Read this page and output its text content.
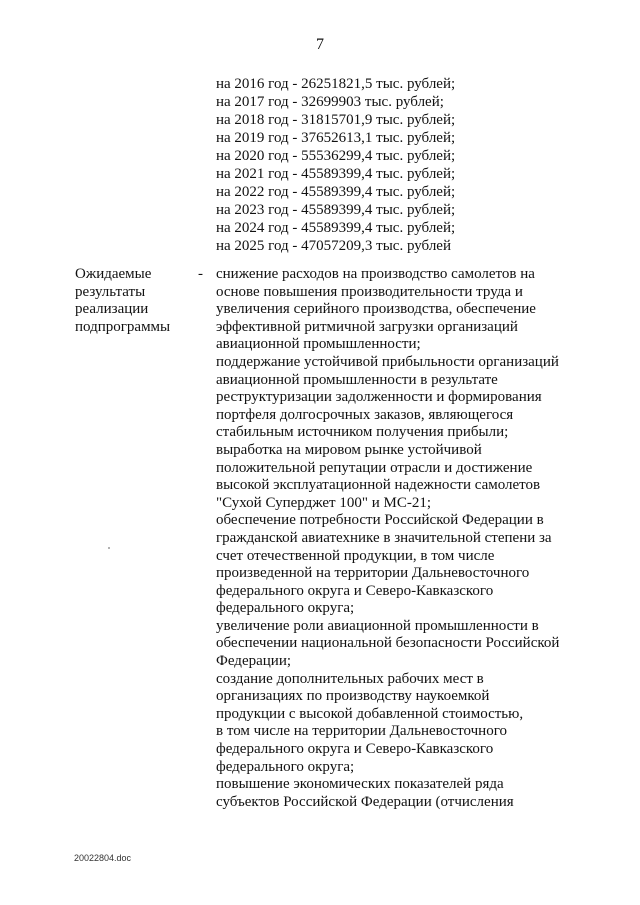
7
на 2016 год - 26251821,5 тыс. рублей;
на 2017 год - 32699903 тыс. рублей;
на 2018 год - 31815701,9 тыс. рублей;
на 2019 год - 37652613,1 тыс. рублей;
на 2020 год - 55536299,4 тыс. рублей;
на 2021 год - 45589399,4 тыс. рублей;
на 2022 год - 45589399,4 тыс. рублей;
на 2023 год - 45589399,4 тыс. рублей;
на 2024 год - 45589399,4 тыс. рублей;
на 2025 год - 47057209,3 тыс. рублей
Ожидаемые
результаты
реализации
подпрограммы
- снижение расходов на производство самолетов на
основе повышения производительности труда и
увеличения серийного производства, обеспечение
эффективной ритмичной загрузки организаций
авиационной промышленности;
поддержание устойчивой прибыльности организаций
авиационной промышленности в результате
реструктуризации задолженности и формирования
портфеля долгосрочных заказов, являющегося
стабильным источником получения прибыли;
выработка на мировом рынке устойчивой
положительной репутации отрасли и достижение
высокой эксплуатационной надежности самолетов
"Сухой Суперджет 100" и МС-21;
обеспечение потребности Российской Федерации в
гражданской авиатехнике в значительной степени за
счет отечественной продукции, в том числе
произведенной на территории Дальневосточного
федерального округа и Северо-Кавказского
федерального округа;
увеличение роли авиационной промышленности в
обеспечении национальной безопасности Российской
Федерации;
создание дополнительных рабочих мест в
организациях по производству наукоемкой
продукции с высокой добавленной стоимостью,
в том числе на территории Дальневосточного
федерального округа и Северо-Кавказского
федерального округа;
повышение экономических показателей ряда
субъектов Российской Федерации (отчисления
20022804.doc
